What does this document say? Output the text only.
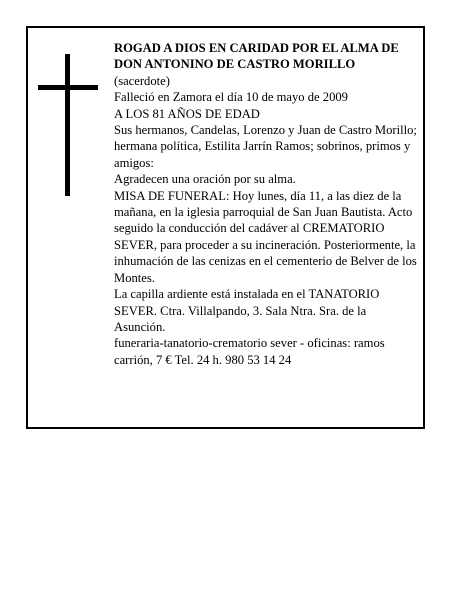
ROGAD A DIOS EN CARIDAD POR EL ALMA DE DON ANTONINO DE CASTRO MORILLO
(sacerdote)
Falleció en Zamora el día 10 de mayo de 2009
A LOS 81 AÑOS DE EDAD
Sus hermanos, Candelas, Lorenzo y Juan de Castro Morillo; hermana política, Estilita Jarrín Ramos; sobrinos, primos y amigos:
Agradecen una oración por su alma.
MISA DE FUNERAL: Hoy lunes, día 11, a las diez de la mañana, en la iglesia parroquial de San Juan Bautista. Acto seguido la conducción del cadáver al CREMATORIO SEVER, para proceder a su incineración. Posteriormente, la inhumación de las cenizas en el cementerio de Belver de los Montes.
La capilla ardiente está instalada en el TANATORIO SEVER. Ctra. Villalpando, 3. Sala Ntra. Sra. de la Asunción.
funeraria-tanatorio-crematorio sever - oficinas: ramos carrión, 7 € Tel. 24 h. 980 53 14 24
